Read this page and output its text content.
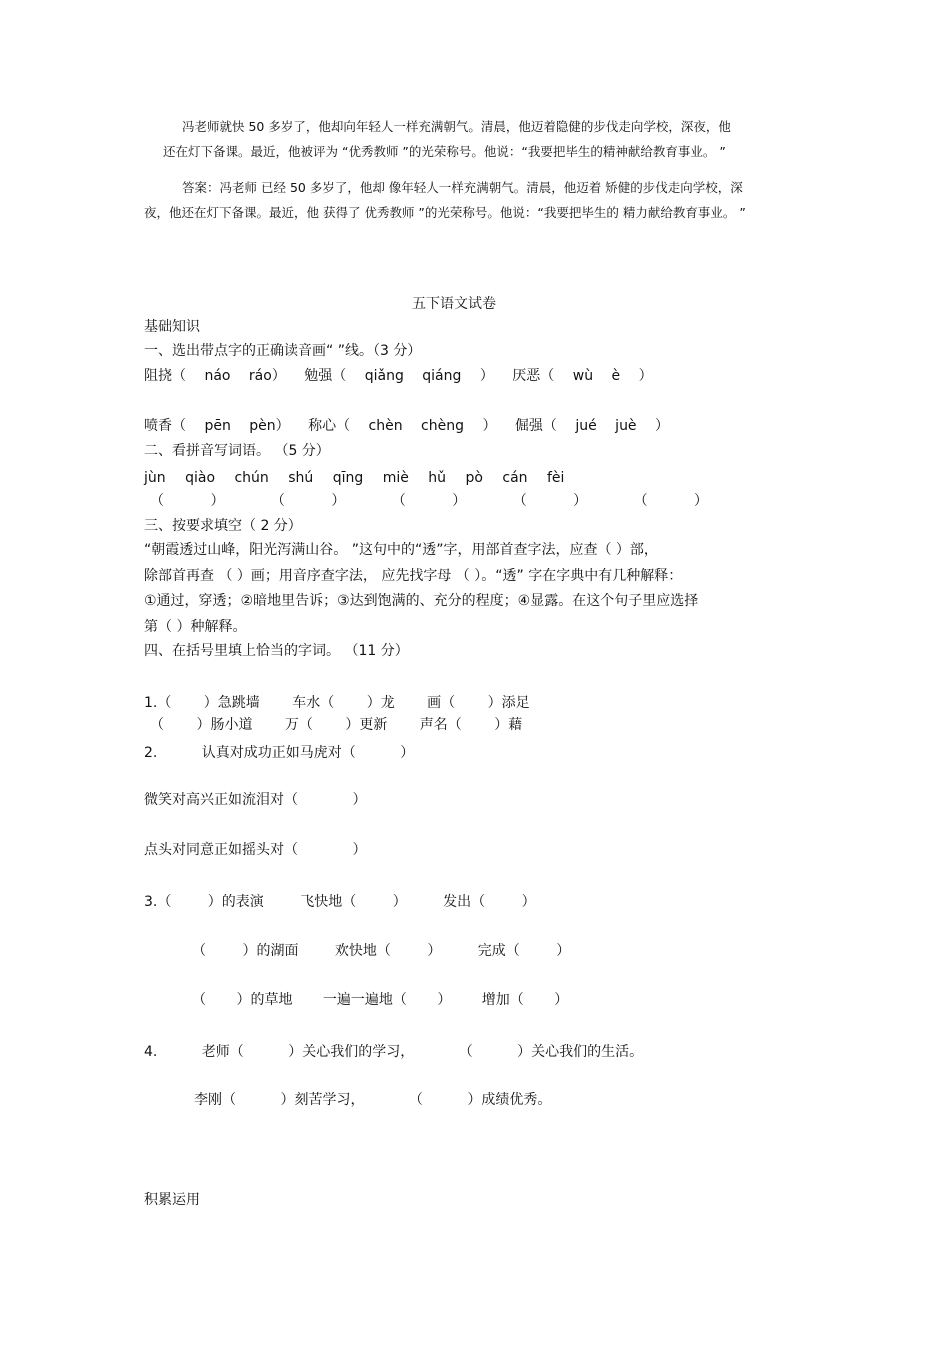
冯老师就快 50 多岁了，他却向年轻人一样充满朝气。清晨，他迈着隐健的步伐走向学校，深夜，他
还在灯下备课。最近，他被评为 “优秀教师 ”的光荣称号。他说：“我要把毕生的精神献给教育事业。 ”
答案：冯老师 已经 50 多岁了，他却 像年轻人一样充满朝气。清晨，他迈着 矫健的步伐走向学校，深
夜，他还在灯下备课。最近，他 获得了 优秀教师 ”的光荣称号。他说：“我要把毕生的 精力献给教育事业。 ”
五下语文试卷
基础知识
一、选出带点字的正确读音画“ ”线。（3 分）
阻挠（ náo ráo） 勉强（ qiǎng qiáng ） 厌恶（ wù è ）
喷香（ pēn pèn） 称心（ chèn chèng ） 倔强（ jué juè ）
二、看拼音写词语。 （5 分）
jùn qiào chún shú qīng miè hǔ pò cán fèi
（ ） （ ） （ ） （ ） （ ）
三、按要求填空（ 2 分）
“朝霞透过山峰，阳光泻满山谷。 ”这句中的“透”字，用部首查字法，应查（ ）部，
除部首再查 （ ）画；用音序查字法， 应先找字母 （ ）。“透” 字在字典中有几种解释：
①通过，穿透；②暗地里告诉；③达到饱满的、充分的程度；④显露。在这个句子里应选择
第（ ）种解释。
四、在括号里填上恰当的字词。 （11 分）
1.（ ）急跳墙 车水（ ）龙 画（ ）添足
（ ）肠小道 万（ ）更新 声名（ ）藉
2. 认真对成功正如马虎对（ ）
微笑对高兴正如流泪对（ ）
点头对同意正如摇头对（ ）
3.（ ）的表演 飞快地（ ） 发出（ ）
（ ）的湖面 欢快地（ ） 完成（ ）
（ ）的草地 一遍一遍地（ ） 增加（ ）
4. 老师（ ）关心我们的学习， （ ）关心我们的生活。
李刚（ ）刻苦学习， （ ）成绩优秀。
积累运用
